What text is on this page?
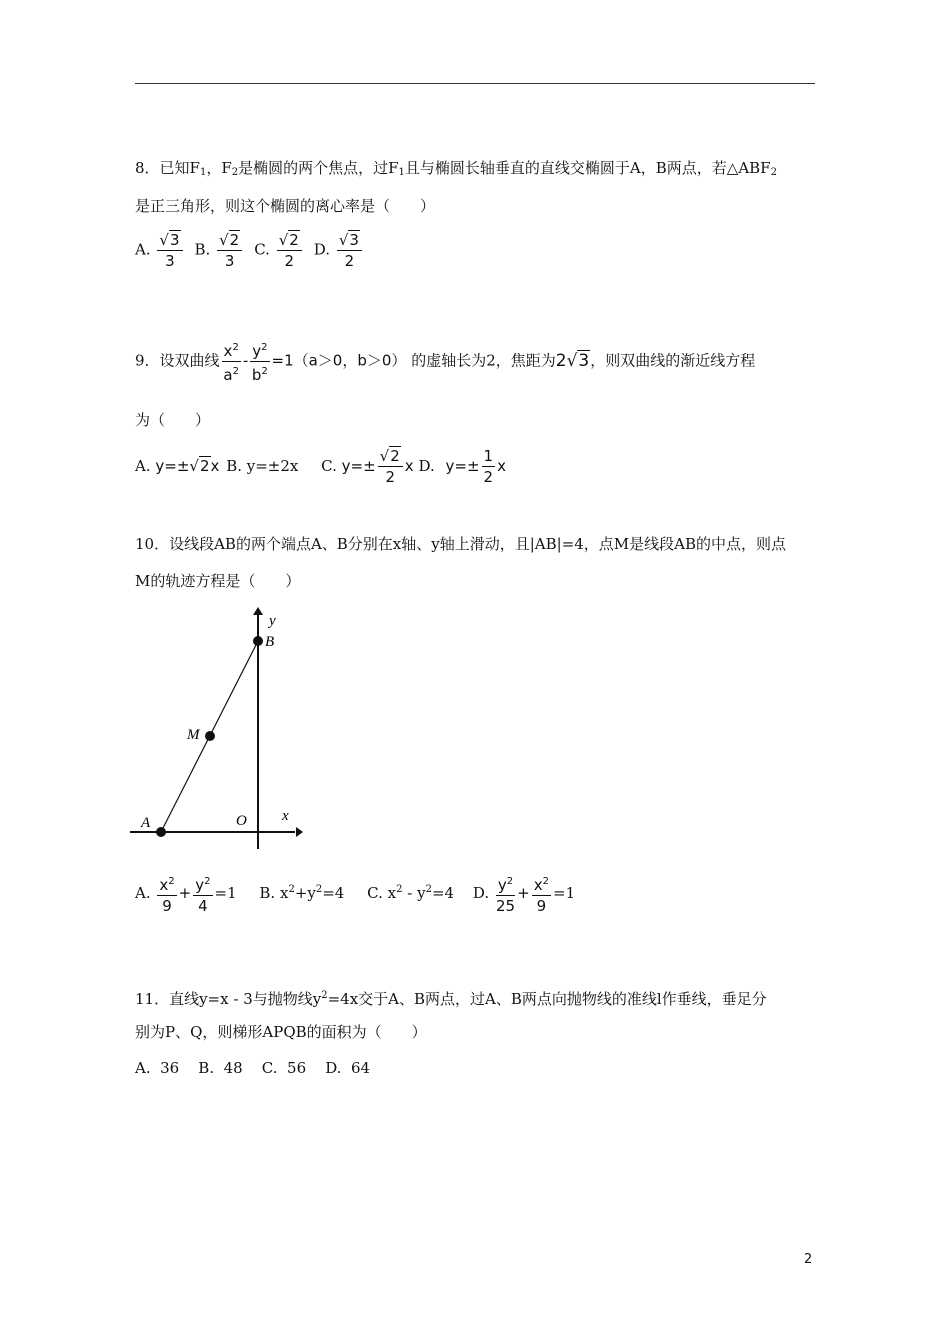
8．已知$F_1$，$F_2$是椭圆的两个焦点，过$F_1$且与椭圆长轴垂直的直线交椭圆于A，B两点，若$\triangle ABF_2$
是正三角形，则这个椭圆的离心率是（　　）
A. $\frac{√3}{3} B$. $\frac{√2}{3} C$. $\frac{√2}{2} D$. $\frac{√3}{2}$
9．设双曲线 $\frac{x^2}{a^2} - \frac{y^2}{b^2} =1(a>0$，b＞0） 的虚轴长为2，焦距为2√3，则双曲线的渐近线方程
为（　　）
A. y=±√2x B. y=±2x C. $y=\pm \frac{√2}{2}$ x D. $y=\pm \frac{1}{2}$ x
10．设线段AB的两个端点A、B分别在x轴、y轴上滑动，且|AB|=4，点M是线段AB的中点，则点
M的轨迹方程是（　　）
y
B
M
A	O x
A. $\frac{x^2}{9} + \frac{y^2}{4} =1$ B. $x^2+y^2=4$ C. $x^2 - y^2=4$ D. $\frac{y^2}{25} + \frac{x^2}{9} =1$
11．直线y=x - 3与抛物线$y^2=4x$交于A、B两点，过A、B两点向抛物线的准线l作垂线，垂足分
别为P、Q，则梯形APQB的面积为（　　）
A.  36    B.  48    C.  56    D.  64
2
